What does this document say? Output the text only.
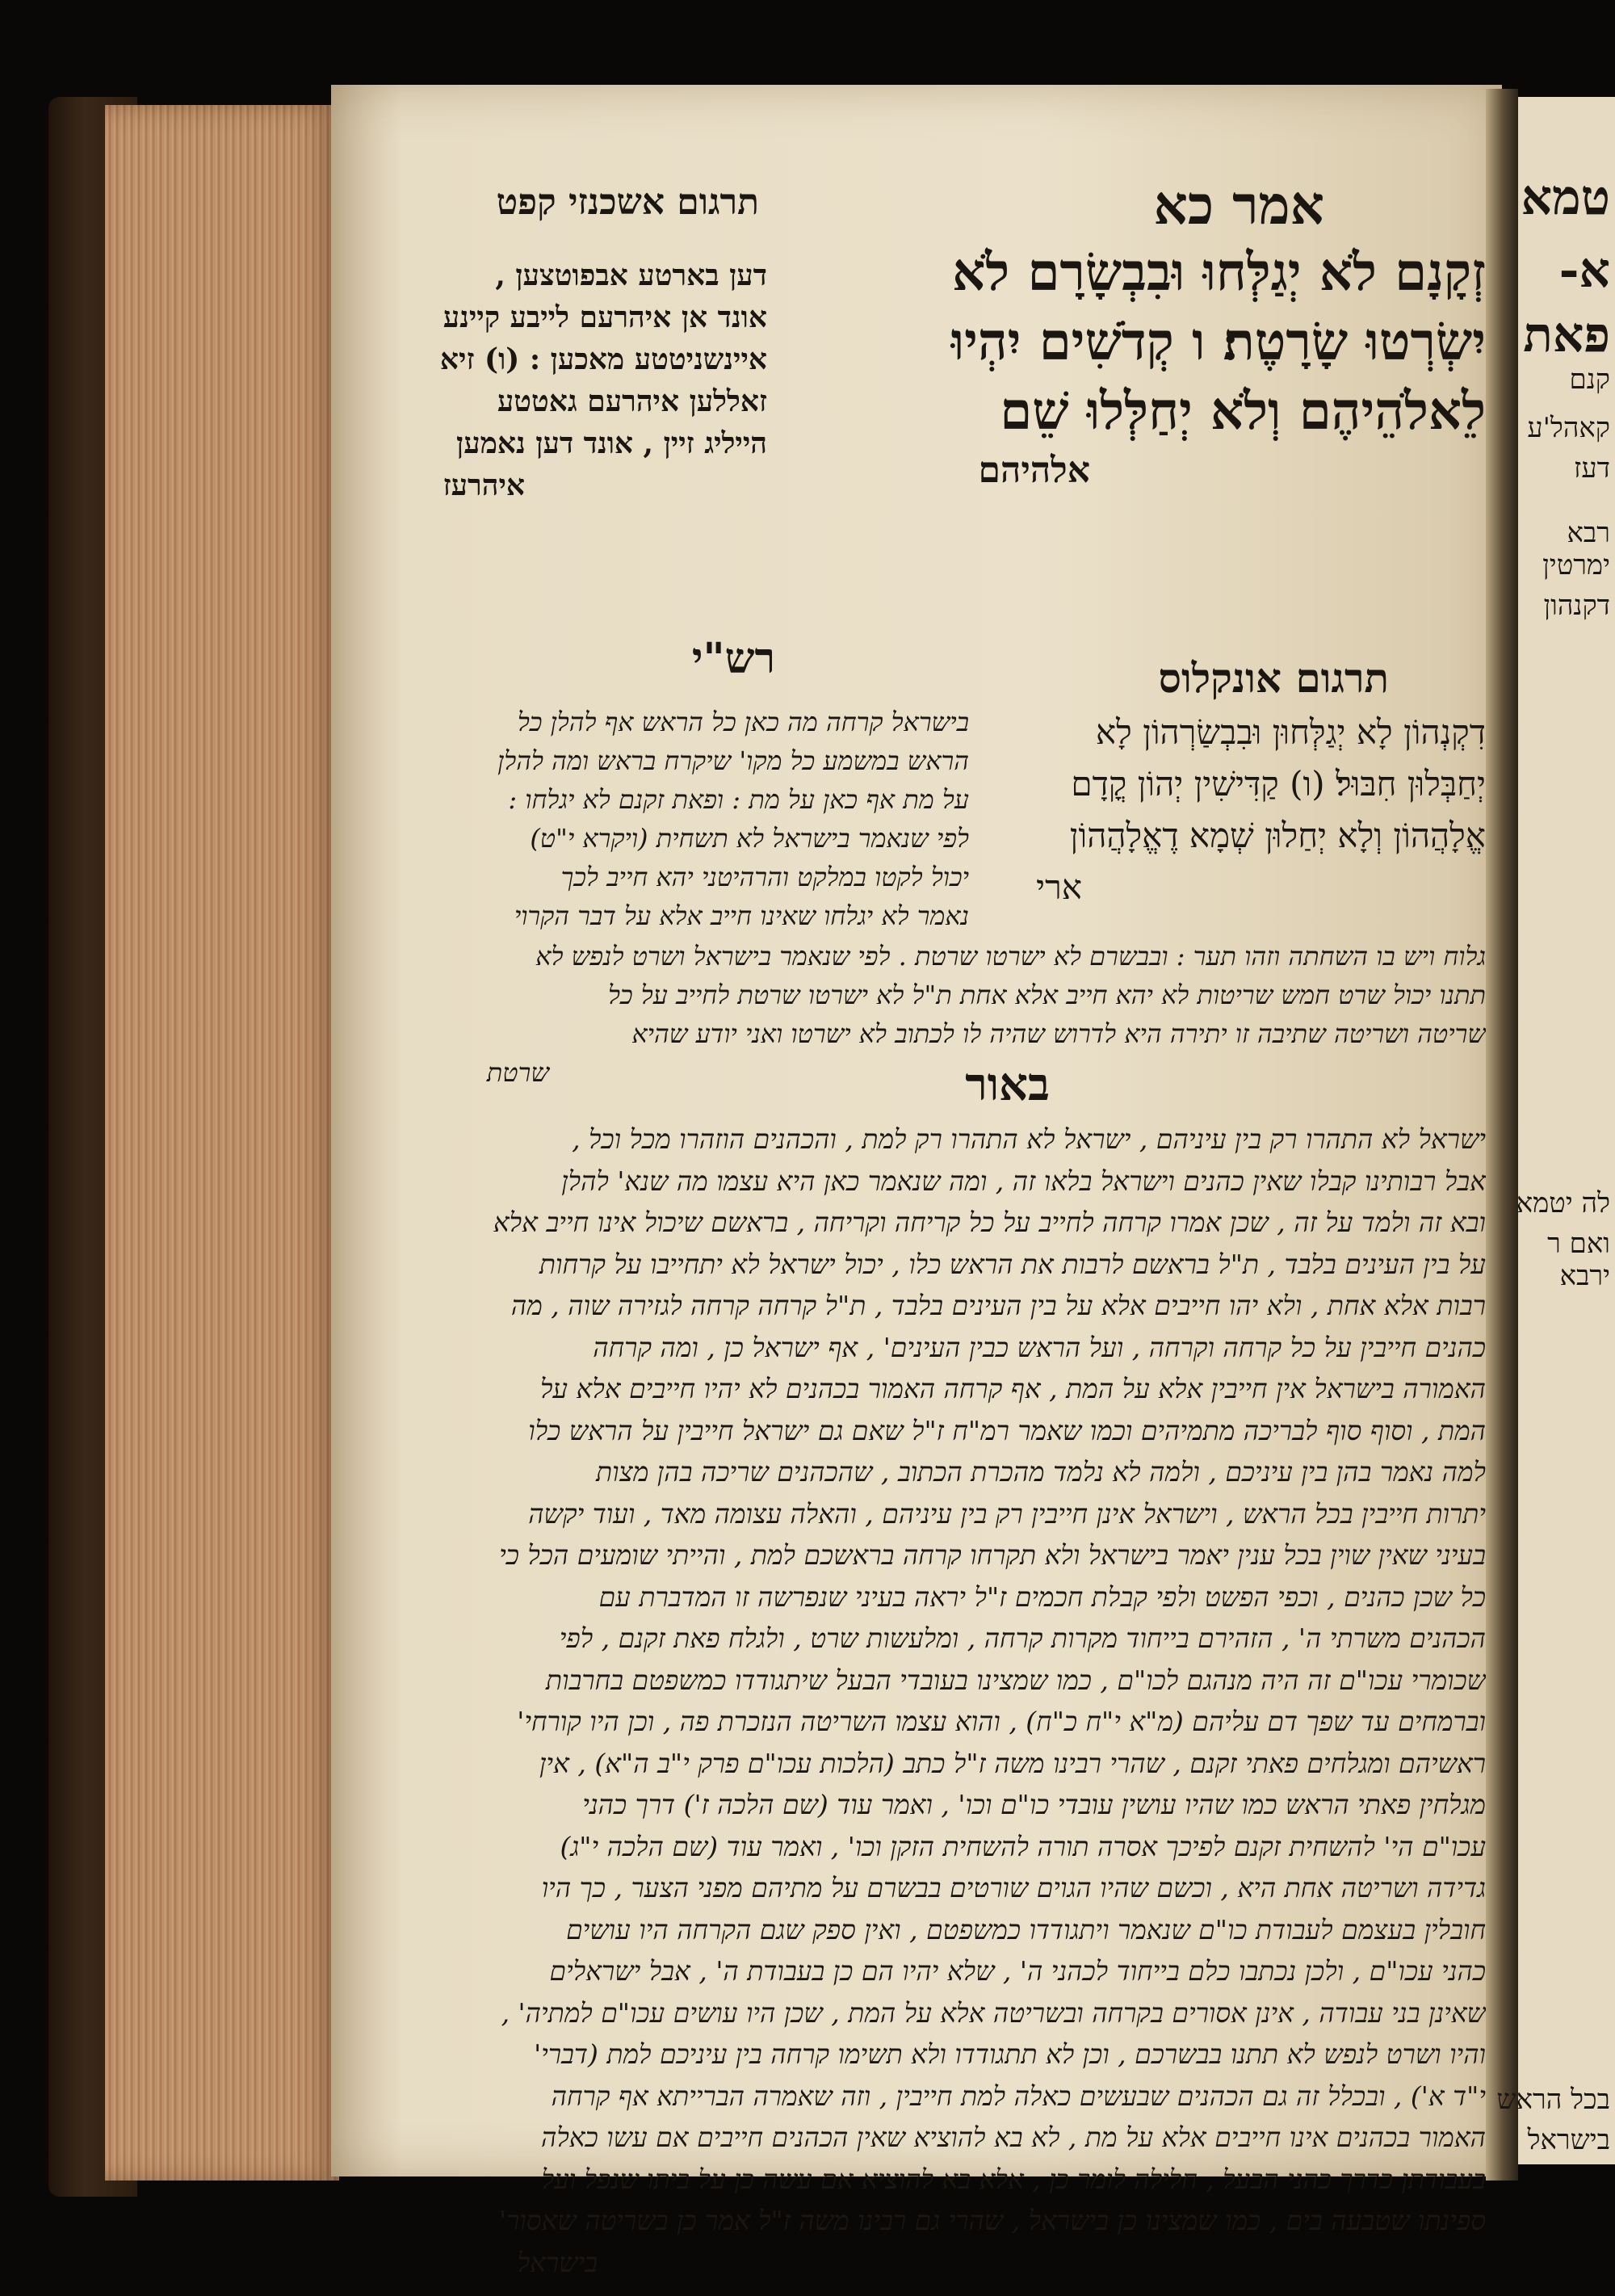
אמר כא
תרגום אשכנזי קפט
זְקָנָם לֹא יְגַלְּחוּ וּבִבְשָׂרָם לֹא
יִשְׂרְטוּ שָׂרָטֶת׃ ו קְדֹשִׁים יִהְיוּ
לֵאלֹהֵיהֶם וְלֹא יְחַלְּלוּ שֵׁם
אלהיהם
דען בארטע אבפוטצען ,
אונד אן איהרעם לייבע קיינע
איינשניטטע מאכען : (ו) זיא
זאללען איהרעם גאטטע
הייליג זיין , אונד דען נאמען
איהרעז
תרגום אונקלוס
דִקְנְהוֹן לָא יְגַלְּחוּן וּבִבְשַׂרְהוֹן לָא
יְחַבְּלוּן חִבּוּל׃ (ו) קַדִּישִׁין יְהוֹן קֳדָם
אֱלָהֲהוֹן וְלָא יְחַלוּן שְׁמָא דֶאֱלָהֲהוֹן
ארי
רש"י
בישראל קרחה מה כאן כל הראש אף להלן כל
הראש במשמע כל מקו' שיקרח בראש ומה להלן
על מת אף כאן על מת : ופאת זקנם לא יגלחו :
לפי שנאמר בישראל לא תשחית (ויקרא י"ט)
יכול לקטו במלקט והרהיטני יהא חייב לכך
נאמר לא יגלחו שאינו חייב אלא על דבר הקרוי
גלוח ויש בו השחתה וזהו תער : ובבשרם לא ישרטו שרטת . לפי שנאמר בישראל ושרט לנפש לא
תתנו יכול שרט חמש שריטות לא יהא חייב אלא אחת ת"ל לא ישרטו שרטת לחייב על כל
שריטה ושריטה שתיבה זו יתירה היא לדרוש שהיה לו לכתוב לא ישרטו ואני יודע שהיא
שרטת	באור
ישראל לא התהרו רק בין עיניהם , ישראל לא התהרו רק למת , והכהנים הוזהרו מכל וכל ,
אבל רבותינו קבלו שאין כהנים וישראל בלאו זה , ומה שנאמר כאן היא עצמו מה שנא' להלן
ובא זה ולמד על זה , שכן אמרו קרחה לחייב על כל קריחה וקריחה , בראשם שיכול אינו חייב אלא
על בין העינים בלבד , ת"ל בראשם לרבות את הראש כלו , יכול ישראל לא יתחייבו על קרחות
רבות אלא אחת , ולא יהו חייבים אלא על בין העינים בלבד , ת"ל קרחה קרחה לגזירה שוה , מה
כהנים חייבין על כל קרחה וקרחה , ועל הראש כבין העינים' , אף ישראל כן , ומה קרחה
האמורה בישראל אין חייבין אלא על המת , אף קרחה האמור בכהנים לא יהיו חייבים אלא על
המת , וסוף סוף לבריכה מתמיהים וכמו שאמר רמ"ח ז"ל שאם גם ישראל חייבין על הראש כלו
למה נאמר בהן בין עיניכם , ולמה לא נלמד מהכרת הכתוב , שהכהנים שריכה בהן מצות
יתרות חייבין בכל הראש , וישראל אינן חייבין רק בין עיניהם , והאלה עצומה מאד , ועוד יקשה
בעיני שאין שוין בכל ענין יאמר בישראל ולא תקרחו קרחה בראשכם למת , והייתי שומעים הכל כי
כל שכן כהנים , וכפי הפשט ולפי קבלת חכמים ז"ל יראה בעיני שנפרשה זו המדברת עם
הכהנים משרתי ה' , הזהירם בייחוד מקרות קרחה , ומלעשות שרט , ולגלח פאת זקנם , לפי
שכומרי עכו"ם זה היה מנהגם לכו"ם , כמו שמצינו בעובדי הבעל שיתגודדו כמשפטם בחרבות
וברמחים עד שפך דם עליהם (מ"א י"ח כ"ח) , והוא עצמו השריטה הנזכרת פה , וכן היו קורחי'
ראשיהם ומגלחים פאתי זקנם , שהרי רבינו משה ז"ל כתב (הלכות עכו"ם פרק י"ב ה"א) , אין
מגלחין פאתי הראש כמו שהיו עושין עובדי כו"ם וכו' , ואמר עוד (שם הלכה ז') דרך כהני
עכו"ם הי' להשחית זקנם לפיכך אסרה תורה להשחית הזקן וכו' , ואמר עוד (שם הלכה י"ג)
גדידה ושריטה אחת היא , וכשם שהיו הגוים שורטים בבשרם על מתיהם מפני הצער , כך היו
חובלין בעצמם לעבודת כו"ם שנאמר ויתגודדו כמשפטם , ואין ספק שגם הקרחה היו עושים
כהני עכו"ם , ולכן נכתבו כלם בייחוד לכהני ה' , שלא יהיו הם כן בעבודת ה' , אבל ישראלים
שאינן בני עבודה , אינן אסורים בקרחה ובשריטה אלא על המת , שכן היו עושים עכו"ם למתיה' ,
והיו ושרט לנפש לא תתנו בבשרכם , וכן לא תתגודדו ולא תשימו קרחה בין עיניכם למת (דברי'
י"ד א') , ובכלל זה גם הכהנים שבעשים כאלה למת חייבין , וזה שאמרה הברייתא אף קרחה
האמור בכהנים אינו חייבים אלא על מת , לא בא להוציא שאין הכהנים חייבים אם עשו כאלה
בעבודתן כדרך כהני הבעל , חלילה לומר כן , אלא בא להוציא אם עשה כן על ביתו שנפל ועל
ספינתו שטבעה בים , כמו שמצינו כן בישראל , שהרי גם רבינו משה ז"ל אמר כן בשריטה שאסור'
בישראל
טמא
א-
פאת
קנם
קאהל'ע
דעז
רבא
ימרטין
דקנהון
לה יטמא
ואם ר
ירבא
בכל הראש
בישראל
